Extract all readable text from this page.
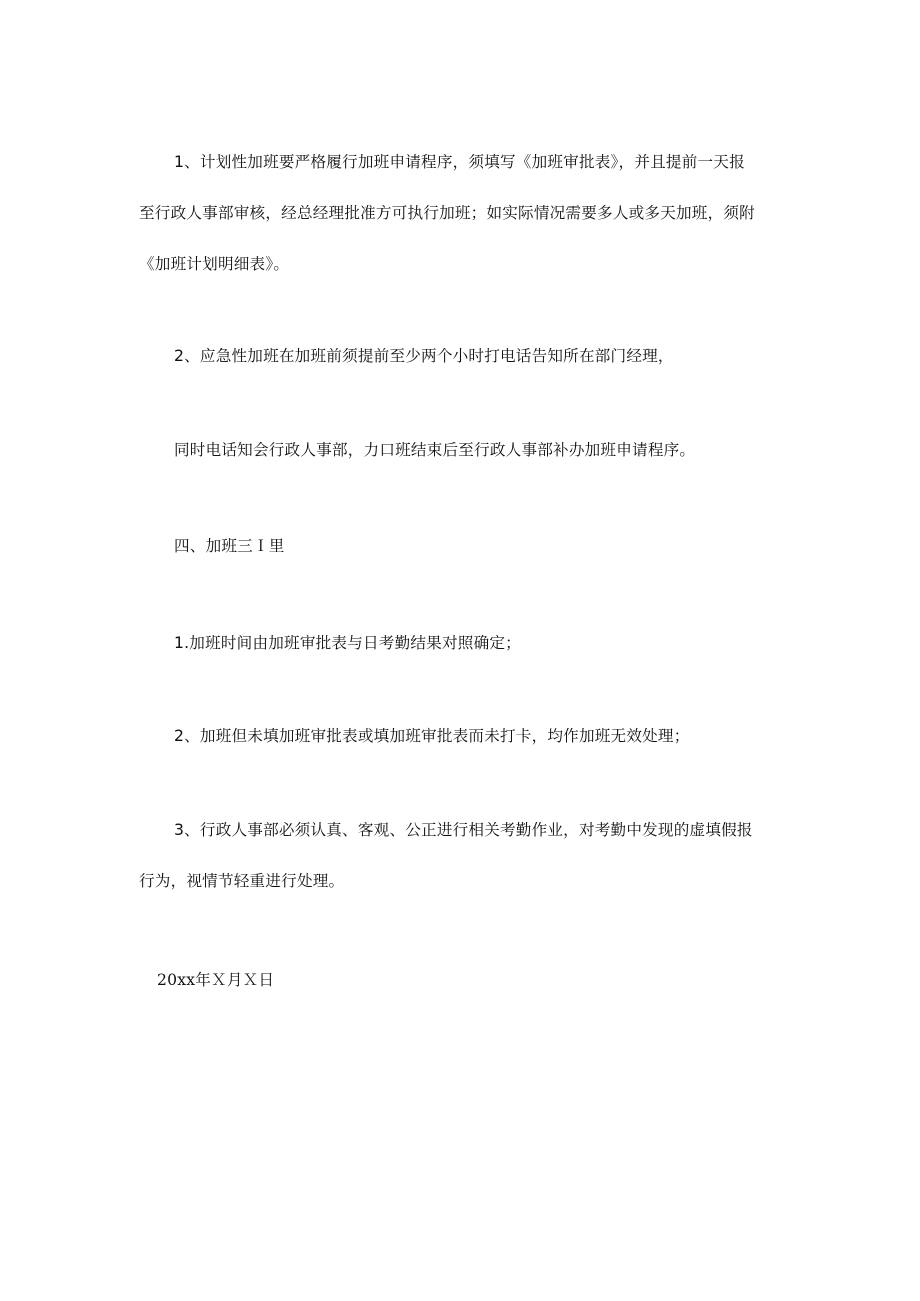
1、计划性加班要严格履行加班申请程序，须填写《加班审批表》，并且提前一天报
至行政人事部审核，经总经理批准方可执行加班；如实际情况需要多人或多天加班，须附
《加班计划明细表》。
2、应急性加班在加班前须提前至少两个小时打电话告知所在部门经理，
同时电话知会行政人事部，力口班结束后至行政人事部补办加班申请程序。
四、加班三Ｉ里
1.加班时间由加班审批表与日考勤结果对照确定；
2、加班但未填加班审批表或填加班审批表而未打卡，均作加班无效处理；
3、行政人事部必须认真、客观、公正进行相关考勤作业，对考勤中发现的虚填假报
行为，视情节轻重进行处理。
20xx年Ｘ月Ｘ日
